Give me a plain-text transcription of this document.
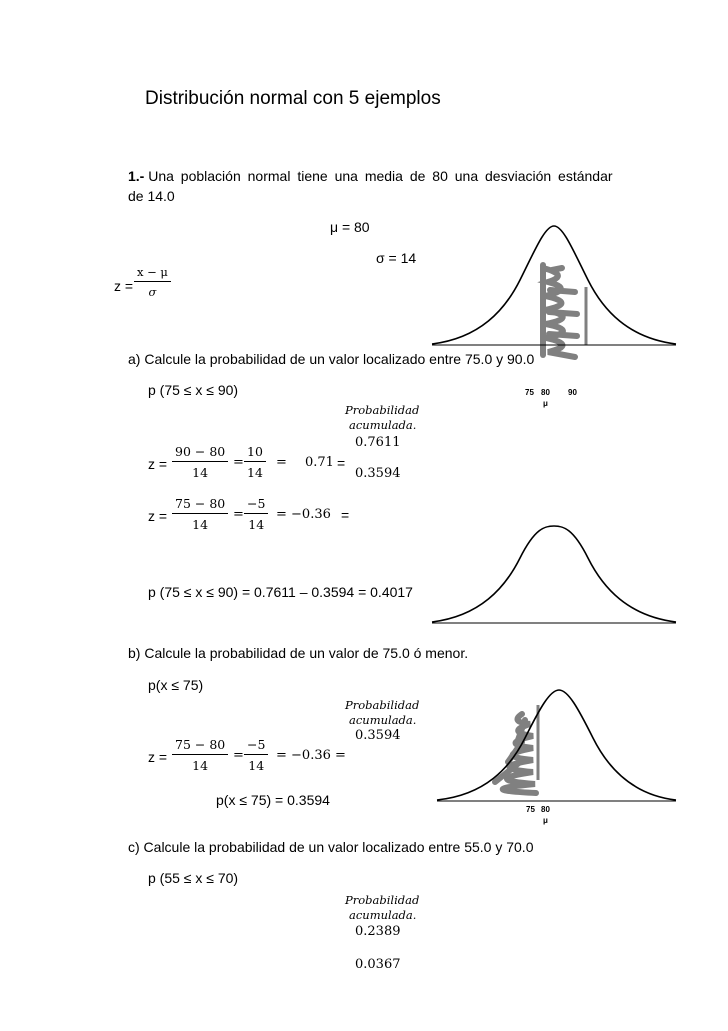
Distribución normal con 5 ejemplos
1.- Una población normal tiene una media de 80 una desviación estándar
de 14.0
μ = 80
σ = 14
z =
x − μ
σ
75 80 90
μ
a) Calcule la probabilidad de un valor localizado entre 75.0 y 90.0
p (75 ≤ x ≤ 90)
Probabilidad
acumulada.
0.7611
0.3594
z =
90 − 80
14
=
10
14
= 0.71 =
z =
75 − 80
14
=
−5
14
= −0.36 =
p (75 ≤ x ≤ 90) = 0.7611 – 0.3594 = 0.4017
b) Calcule la probabilidad de un valor de 75.0 ó menor.
p(x ≤ 75)
Probabilidad
acumulada.
0.3594
z =
75 − 80
14
=
−5
14
= −0.36 =
p(x ≤ 75) = 0.3594
75 80
μ
c) Calcule la probabilidad de un valor localizado entre 55.0 y 70.0
p (55 ≤ x ≤ 70)
Probabilidad
acumulada.
0.2389
0.0367
